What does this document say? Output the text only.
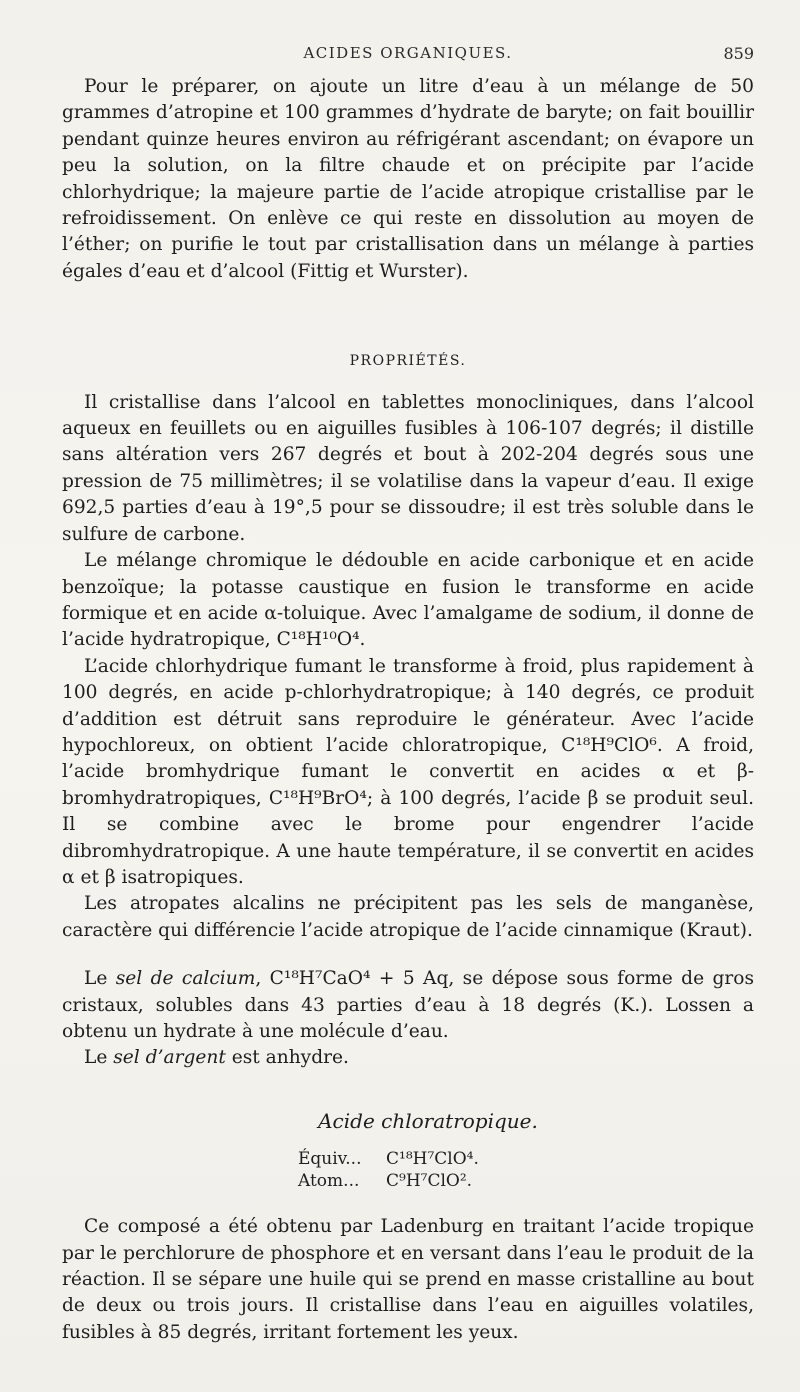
ACIDES ORGANIQUES.	859

Pour le préparer, on ajoute un litre d’eau à un mélange de 50 grammes d’atropine et 100 grammes d’hydrate de baryte; on fait bouillir pendant quinze heures environ au réfrigérant ascendant; on évapore un peu la solution, on la filtre chaude et on précipite par l’acide chlorhydrique; la majeure partie de l’acide atropique cristallise par le refroidissement. On enlève ce qui reste en dissolution au moyen de l’éther; on purifie le tout par cristallisation dans un mélange à parties égales d’eau et d’alcool (Fittig et Wurster).

PROPRIÉTÉS.

Il cristallise dans l’alcool en tablettes monocliniques, dans l’alcool aqueux en feuillets ou en aiguilles fusibles à 106-107 degrés; il distille sans altération vers 267 degrés et bout à 202-204 degrés sous une pression de 75 millimètres; il se volatilise dans la vapeur d’eau. Il exige 692,5 parties d’eau à 19°,5 pour se dissoudre; il est très soluble dans le sulfure de carbone.

Le mélange chromique le dédouble en acide carbonique et en acide benzoïque; la potasse caustique en fusion le transforme en acide formique et en acide α-toluique. Avec l’amalgame de sodium, il donne de l’acide hydratropique, C¹⁸H¹⁰O⁴.

L’acide chlorhydrique fumant le transforme à froid, plus rapidement à 100 degrés, en acide p-chlorhydratropique; à 140 degrés, ce produit d’addition est détruit sans reproduire le générateur. Avec l’acide hypochloreux, on obtient l’acide chloratropique, C¹⁸H⁹ClO⁶. A froid, l’acide bromhydrique fumant le convertit en acides α et β-bromhydratropiques, C¹⁸H⁹BrO⁴; à 100 degrés, l’acide β se produit seul. Il se combine avec le brome pour engendrer l’acide dibromhydratropique. A une haute température, il se convertit en acides α et β isatropiques.

Les atropates alcalins ne précipitent pas les sels de manganèse, caractère qui différencie l’acide atropique de l’acide cinnamique (Kraut).

Le sel de calcium, C¹⁸H⁷CaO⁴ + 5 Aq, se dépose sous forme de gros cristaux, solubles dans 43 parties d’eau à 18 degrés (K.). Lossen a obtenu un hydrate à une molécule d’eau.

Le sel d’argent est anhydre.

Acide chloratropique.
Équiv...	C¹⁸H⁷ClO⁴.
Atom...	C⁹H⁷ClO².

Ce composé a été obtenu par Ladenburg en traitant l’acide tropique par le perchlorure de phosphore et en versant dans l’eau le produit de la réaction. Il se sépare une huile qui se prend en masse cristalline au bout de deux ou trois jours. Il cristallise dans l’eau en aiguilles volatiles, fusibles à 85 degrés, irritant fortement les yeux.
